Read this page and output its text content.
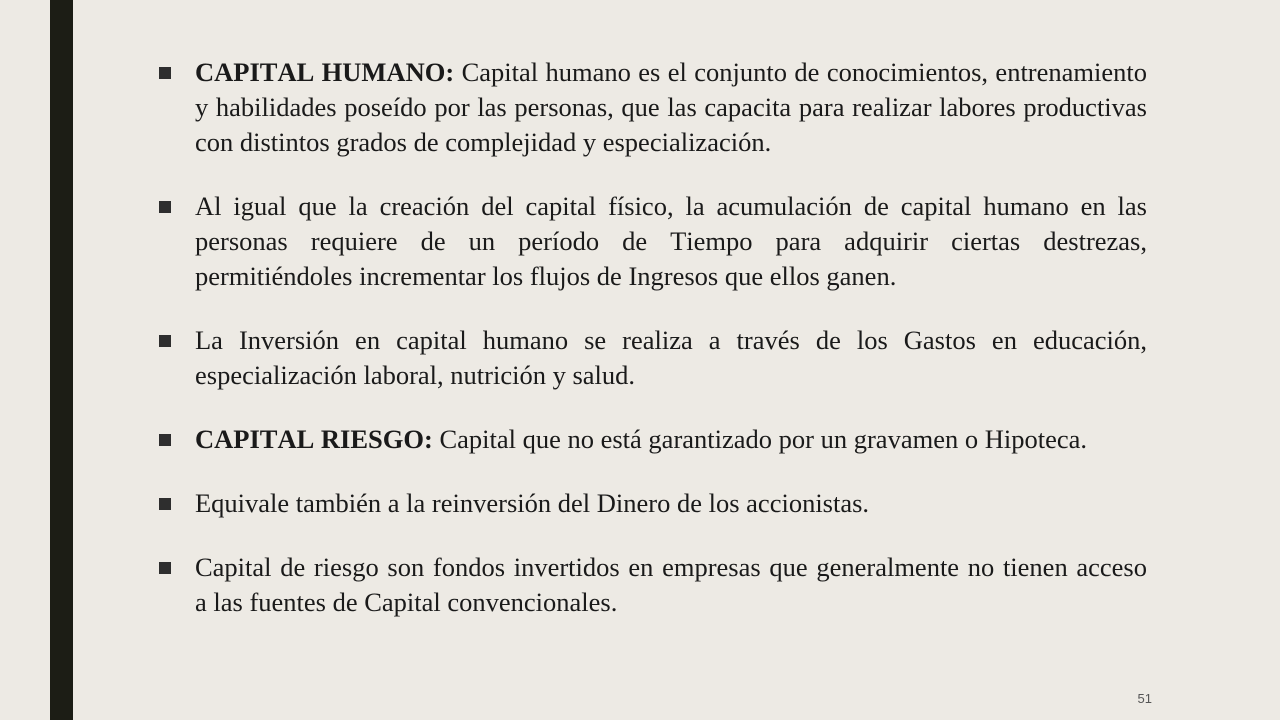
CAPITAL HUMANO: Capital humano es el conjunto de conocimientos, entrenamiento
y habilidades poseído por las personas, que las capacita para realizar labores productivas
con distintos grados de complejidad y especialización.
Al igual que la creación del capital físico, la acumulación de capital humano en las
personas requiere de un período de Tiempo para adquirir ciertas destrezas,
permitiéndoles incrementar los flujos de Ingresos que ellos ganen.
La Inversión en capital humano se realiza a través de los Gastos en educación,
especialización laboral, nutrición y salud.
CAPITAL RIESGO: Capital que no está garantizado por un gravamen o Hipoteca.
Equivale también a la reinversión del Dinero de los accionistas.
Capital de riesgo son fondos invertidos en empresas que generalmente no tienen acceso
a las fuentes de Capital convencionales.
51
